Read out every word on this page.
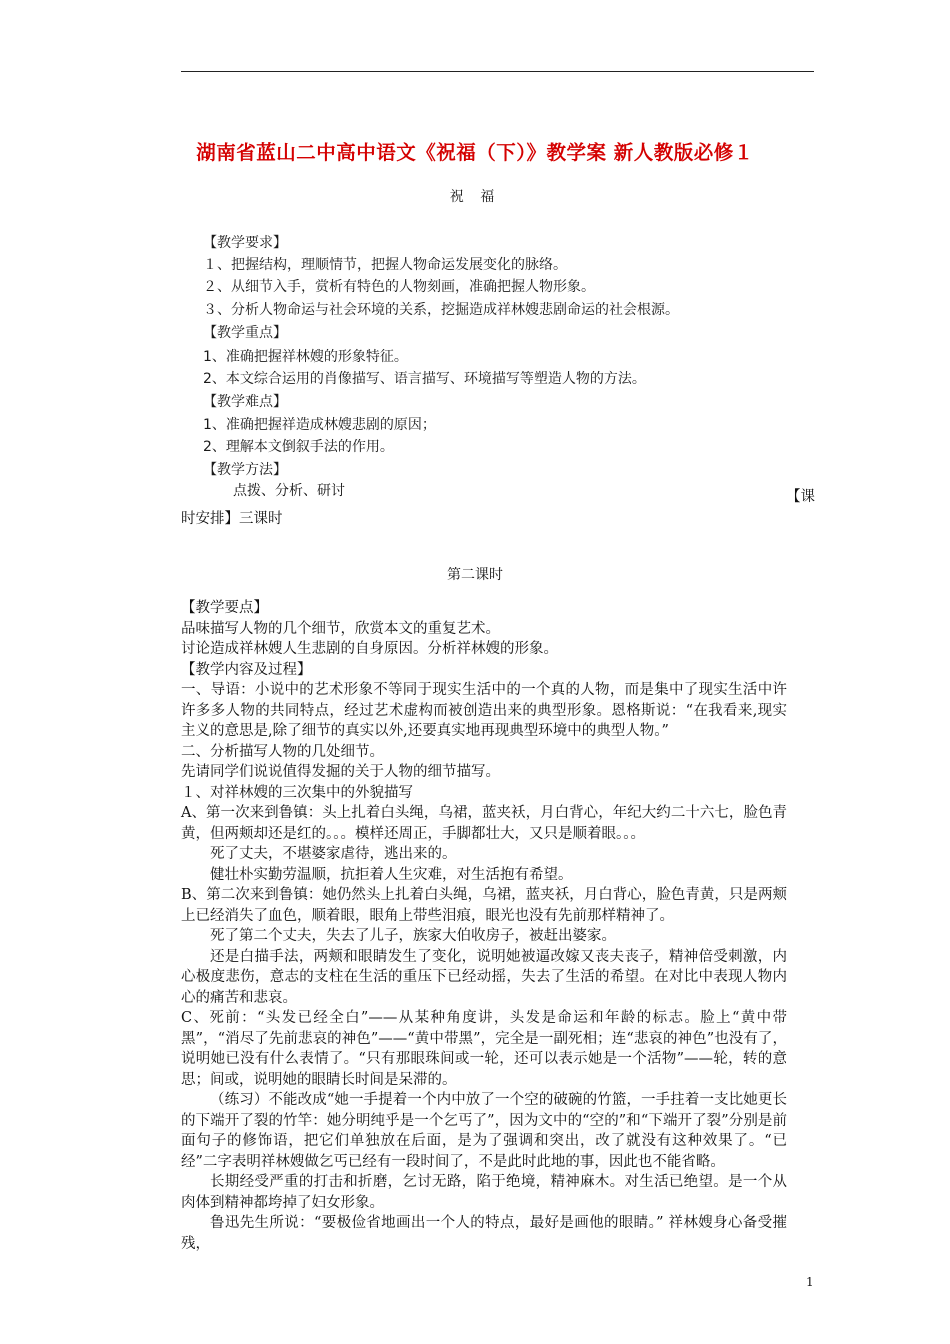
湖南省蓝山二中高中语文《祝福（下）》教学案 新人教版必修１
祝 福
【教学要求】
１、把握结构，理顺情节，把握人物命运发展变化的脉络。
２、从细节入手，赏析有特色的人物刻画，准确把握人物形象。
３、分析人物命运与社会环境的关系，挖掘造成祥林嫂悲剧命运的社会根源。
【教学重点】
1、准确把握祥林嫂的形象特征。
2、本文综合运用的肖像描写、语言描写、环境描写等塑造人物的方法。
【教学难点】
1、准确把握祥造成林嫂悲剧的原因；
2、理解本文倒叙手法的作用。
【教学方法】
点拨、分析、研讨	【课
时安排】三课时
第二课时

【教学要点】

品味描写人物的几个细节，欣赏本文的重复艺术。

讨论造成祥林嫂人生悲剧的自身原因。分析祥林嫂的形象。

【教学内容及过程】

一、导语：小说中的艺术形象不等同于现实生活中的一个真的人物，而是集中了现实生活中许许多多人物的共同特点，经过艺术虚构而被创造出来的典型形象。恩格斯说：“在我看来,现实主义的意思是,除了细节的真实以外,还要真实地再现典型环境中的典型人物。”

二、分析描写人物的几处细节。

先请同学们说说值得发掘的关于人物的细节描写。

１、对祥林嫂的三次集中的外貌描写

A、第一次来到鲁镇：头上扎着白头绳，乌裙，蓝夹袄，月白背心，年纪大约二十六七，脸色青黄，但两颊却还是红的。。。模样还周正，手脚都壮大，又只是顺着眼。。。

死了丈夫，不堪婆家虐待，逃出来的。

健壮朴实勤劳温顺，抗拒着人生灾难，对生活抱有希望。

B、第二次来到鲁镇：她仍然头上扎着白头绳，乌裙，蓝夹袄，月白背心，脸色青黄，只是两颊上已经消失了血色，顺着眼，眼角上带些泪痕，眼光也没有先前那样精神了。

死了第二个丈夫，失去了儿子，族家大伯收房子，被赶出婆家。

还是白描手法，两颊和眼睛发生了变化，说明她被逼改嫁又丧夫丧子，精神倍受刺激，内心极度悲伤，意志的支柱在生活的重压下已经动摇，失去了生活的希望。在对比中表现人物内心的痛苦和悲哀。

C、死前：“头发已经全白”——从某种角度讲，头发是命运和年龄的标志。脸上“黄中带黑”，“消尽了先前悲哀的神色”——“黄中带黑”，完全是一副死相；连“悲哀的神色”也没有了，说明她已没有什么表情了。“只有那眼珠间或一轮，还可以表示她是一个活物”——轮，转的意思；间或，说明她的眼睛长时间是呆滞的。

（练习）不能改成“她一手提着一个内中放了一个空的破碗的竹篮，一手拄着一支比她更长的下端开了裂的竹竿：她分明纯乎是一个乞丐了”，因为文中的“空的”和“下端开了裂”分别是前面句子的修饰语，把它们单独放在后面，是为了强调和突出，改了就没有这种效果了。“已经”二字表明祥林嫂做乞丐已经有一段时间了，不是此时此地的事，因此也不能省略。

长期经受严重的打击和折磨，乞讨无路，陷于绝境，精神麻木。对生活已绝望。是一个从肉体到精神都垮掉了妇女形象。

鲁迅先生所说：“要极俭省地画出一个人的特点，最好是画他的眼睛。” 祥林嫂身心备受摧残，

1
